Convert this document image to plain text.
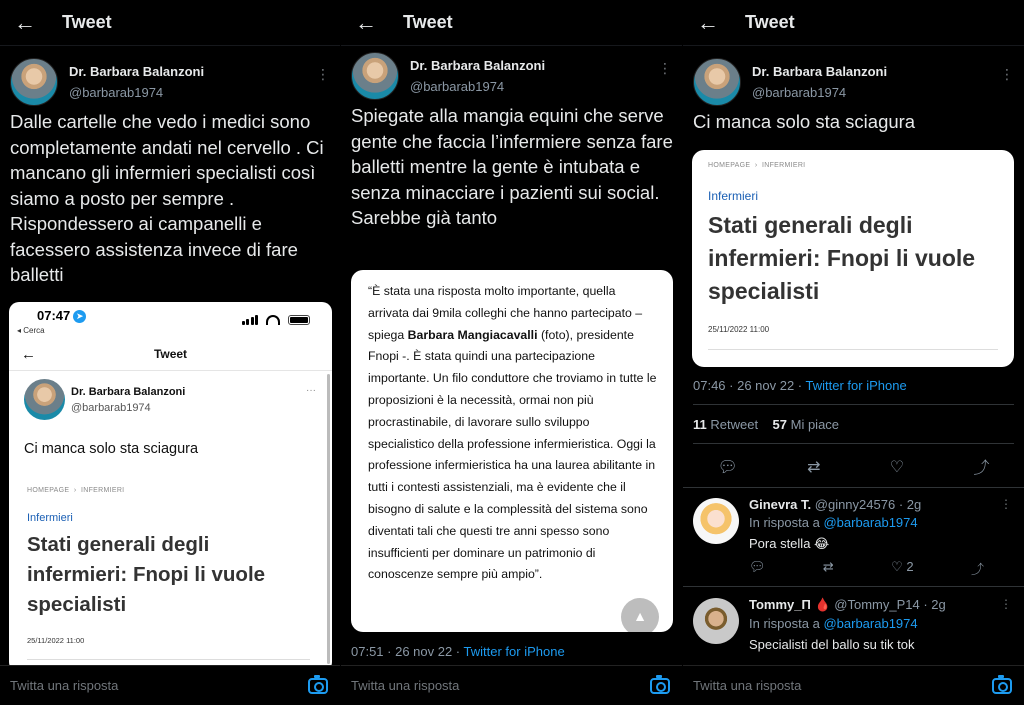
←	Tweet
Dr. Barbara Balanzoni
@barbarab1974
⋮
Dalle cartelle che vedo i medici sono completamente andati nel cervello . Ci mancano gli infermieri specialisti così siamo a posto per sempre . Rispondessero ai campanelli e facessero assistenza invece di fare balletti
07:47 ➤
◂ Cerca
←	Tweet
Dr. Barbara Balanzoni
@barbarab1974
···
Ci manca solo sta sciagura
HOMEPAGE › INFERMIERI
Infermieri
Stati generali degli infermieri: Fnopi li vuole specialisti
25/11/2022 11:00
Twitta una risposta
←	Tweet
Dr. Barbara Balanzoni
@barbarab1974
⋮
Spiegate alla mangia equini che serve gente che faccia l’infermiere senza fare balletti mentre la gente è intubata e senza minacciare i pazienti sui social. Sarebbe già tanto
“È stata una risposta molto importante, quella arrivata dai 9mila colleghi che hanno partecipato – spiega Barbara Mangiacavalli (foto), presidente Fnopi -. È stata quindi una partecipazione importante. Un filo conduttore che troviamo in tutte le proposizioni è la necessità, ormai non più procrastinabile, di lavorare sullo sviluppo specialistico della professione infermieristica. Oggi la professione infermieristica ha una laurea abilitante in tutti i contesti assistenziali, ma è evidente che il bisogno di salute e la complessità del sistema sono diventati tali che questi tre anni spesso sono insufficienti per dominare un patrimonio di conoscenze sempre più ampio”.
▲
07:51 · 26 nov 22 · Twitter for iPhone
Twitta una risposta
←	Tweet
Dr. Barbara Balanzoni
@barbarab1974
⋮
Ci manca solo sta sciagura
HOMEPAGE › INFERMIERI
Infermieri
Stati generali degli infermieri: Fnopi li vuole specialisti
25/11/2022 11:00
07:46 · 26 nov 22 · Twitter for iPhone
11 Retweet 57 Mi piace
💬︎	⇄	♡	⤴
Ginevra T. @ginny24576 · 2g	⋮
In risposta a @barbarab1974
Pora stella 😂
💬︎	⇄	♡ 2	⤴
Tommy_П 🩸 @Tommy_P14 · 2g	⋮
In risposta a @barbarab1974
Specialisti del ballo su tik tok
Twitta una risposta
